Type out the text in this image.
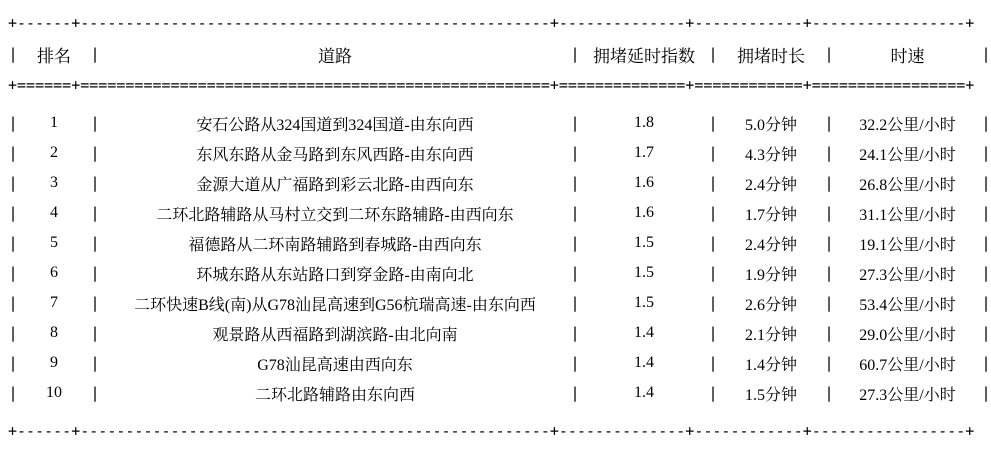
+------+----------------------------------------------------+--------------+------------+-----------------+
|	排名	|	道路	|	拥堵延时指数	|	拥堵时长	|	时速	|
+======+====================================================+==============+============+=================+

|	1	|	安石公路从324国道到324国道-由东向西	|	1.8	|	5.0分钟	|	32.2公里/小时	|
|	2	|	东风东路从金马路到东风西路-由东向西	|	1.7	|	4.3分钟	|	24.1公里/小时	|
|	3	|	金源大道从广福路到彩云北路-由西向东	|	1.6	|	2.4分钟	|	26.8公里/小时	|
|	4	|	二环北路辅路从马村立交到二环东路辅路-由西向东	|	1.6	|	1.7分钟	|	31.1公里/小时	|
|	5	|	福德路从二环南路辅路到春城路-由西向东	|	1.5	|	2.4分钟	|	19.1公里/小时	|
|	6	|	环城东路从东站路口到穿金路-由南向北	|	1.5	|	1.9分钟	|	27.3公里/小时	|
|	7	|	二环快速B线(南)从G78汕昆高速到G56杭瑞高速-由东向西	|	1.5	|	2.6分钟	|	53.4公里/小时	|
|	8	|	观景路从西福路到湖滨路-由北向南	|	1.4	|	2.1分钟	|	29.0公里/小时	|
|	9	|	G78汕昆高速由西向东	|	1.4	|	1.4分钟	|	60.7公里/小时	|
|	10	|	二环北路辅路由东向西	|	1.4	|	1.5分钟	|	27.3公里/小时	|

+------+----------------------------------------------------+--------------+------------+-----------------+
